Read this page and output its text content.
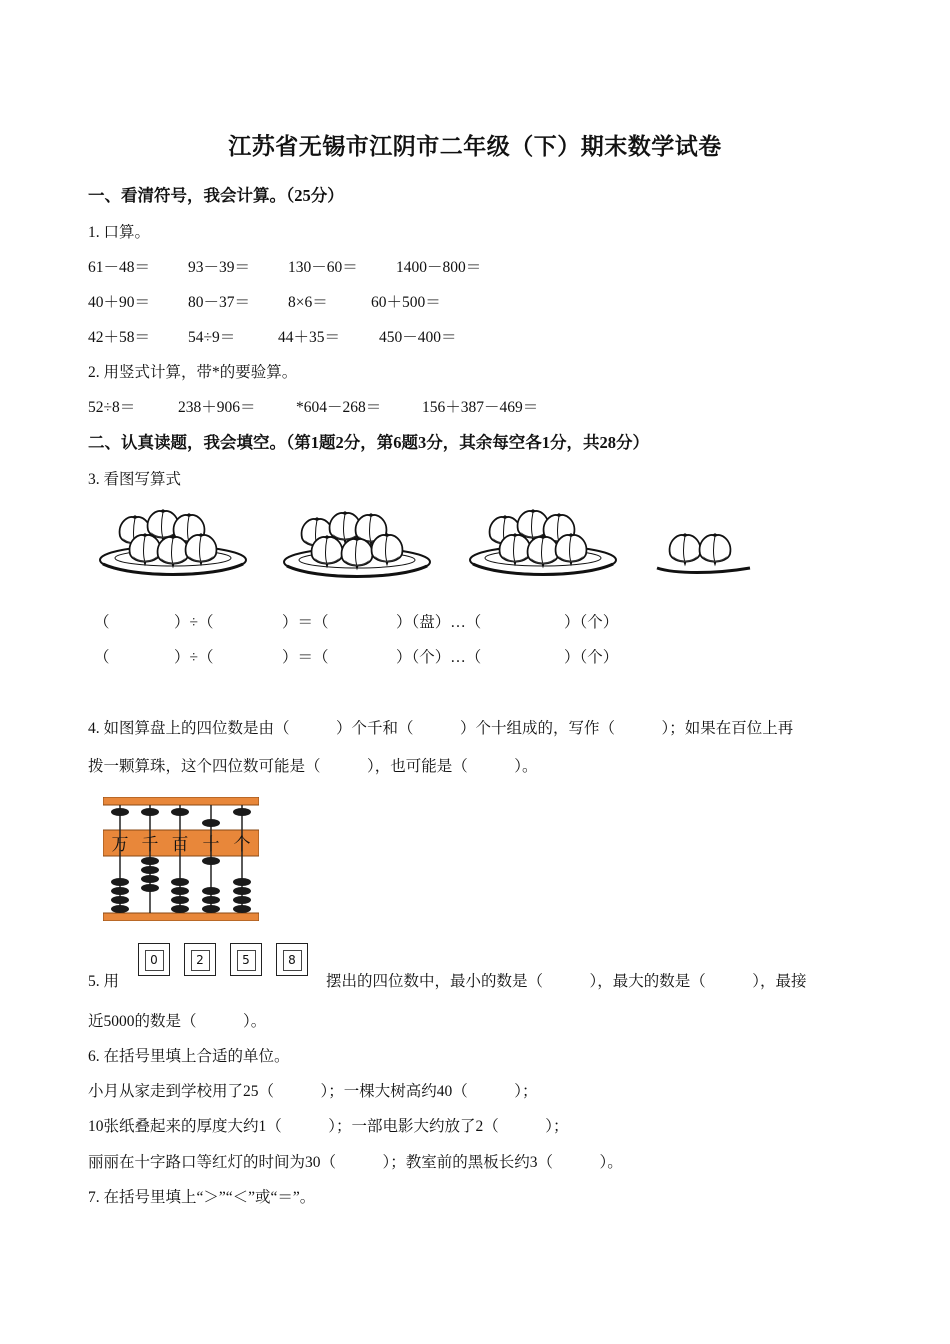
江苏省无锡市江阴市二年级（下）期末数学试卷
一、看清符号，我会计算。（25分）
1. 口算。
61－48＝ 93－39＝ 130－60＝ 1400－800＝
40＋90＝ 80－37＝ 8×6＝	60＋500＝
42＋58＝ 54÷9＝	44＋35＝	450－400＝
2. 用竖式计算，带*的要验算。
52÷8＝	238＋906＝	*604－268＝	156＋387－469＝
二、认真读题，我会填空。（第1题2分，第6题3分，其余每空各1分，共28分）
3. 看图写算式
（	）÷（	）＝（	）（盘）…（	）（个）
（	）÷（	）＝（	）（个）…（	）（个）
4. 如图算盘上的四位数是由（　　　）个千和（　　　）个十组成的，写作（　　　）；如果在百位上再
拨一颗算珠，这个四位数可能是（　　　），也可能是（　　　）。
万 千 百 十 个
5. 用
0	2	5	8
摆出的四位数中，最小的数是（　　　），最大的数是（　　　），最接
近5000的数是（　　　）。
6. 在括号里填上合适的单位。
小月从家走到学校用了25（　　　）；一棵大树高约40（　　　）；
10张纸叠起来的厚度大约1（　　　）；一部电影大约放了2（　　　）；
丽丽在十字路口等红灯的时间为30（　　　）；教室前的黑板长约3（　　　）。
7. 在括号里填上“＞”“＜”或“＝”。
